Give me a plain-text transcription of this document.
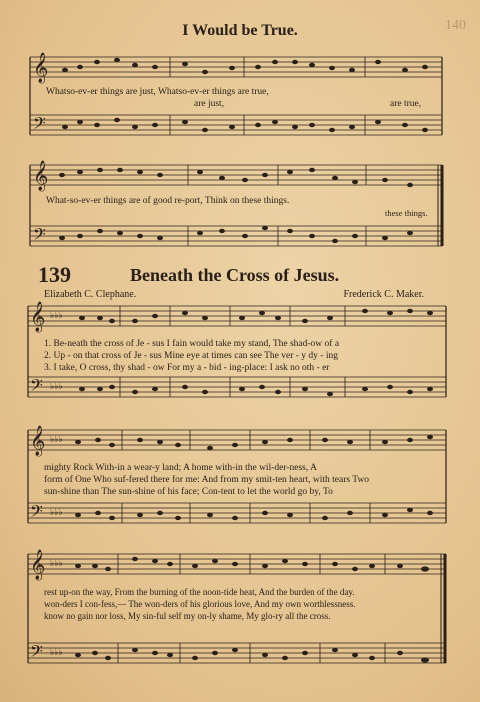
I Would be True.	140
𝄞
𝄢
Whatso-ev-er things are just, Whatso-ev-er things are true,
are just,	are true,
𝄞
𝄢
What-so-ev-er things are of good re-port, Think on these things.
these things.
139	Beneath the Cross of Jesus.
Elizabeth C. Clephane.	Frederick C. Maker.
𝄞
𝄢
♭♭♭
♭♭♭
1. Be-neath the cross of Je - sus I fain would take my stand, The shad-ow of a
2. Up - on that cross of Je - sus Mine eye at times can see The ver - y dy - ing
3. I take, O cross, thy shad - ow For my a - bid - ing-place: I ask no oth - er
𝄞
𝄢
♭♭♭
♭♭♭
mighty Rock With-in a wear-y land; A home with-in the wil-der-ness, A
form of One Who suf-fered there for me: And from my smit-ten heart, with tears Two
sun-shine than The sun-shine of his face; Con-tent to let the world go by, To
𝄞
𝄢
♭♭♭
♭♭♭
rest up-on the way, From the burning of the noon-tide heat, And the burden of the day.
won-ders I con-fess,— The won-ders of his glorious love, And my own worthlessness.
know no gain nor loss, My sin-ful self my on-ly shame, My glo-ry all the cross.
